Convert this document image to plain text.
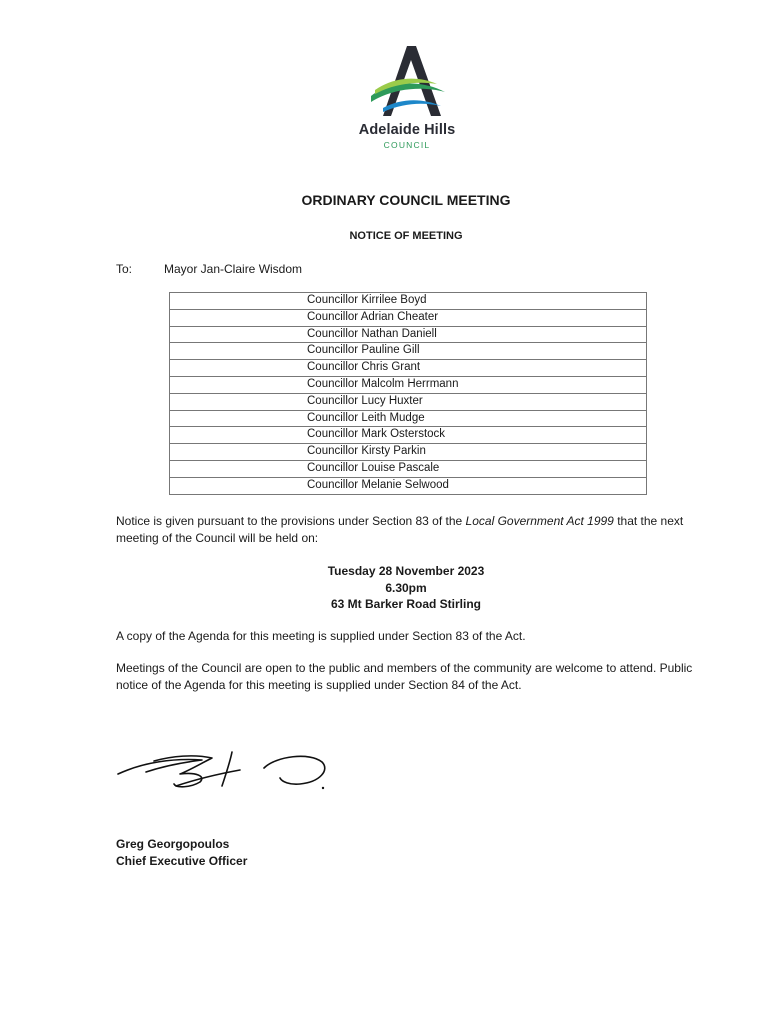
Adelaide Hills
COUNCIL
ORDINARY COUNCIL MEETING
NOTICE OF MEETING
To:	Mayor Jan-Claire Wisdom
Councillor Kirrilee Boyd
Councillor Adrian Cheater
Councillor Nathan Daniell
Councillor Pauline Gill
Councillor Chris Grant
Councillor Malcolm Herrmann
Councillor Lucy Huxter
Councillor Leith Mudge
Councillor Mark Osterstock
Councillor Kirsty Parkin
Councillor Louise Pascale
Councillor Melanie Selwood
Notice is given pursuant to the provisions under Section 83 of the Local Government Act 1999 that the next meeting of the Council will be held on:
Tuesday 28 November 2023
6.30pm
63 Mt Barker Road Stirling
A copy of the Agenda for this meeting is supplied under Section 83 of the Act.
Meetings of the Council are open to the public and members of the community are welcome to attend. Public notice of the Agenda for this meeting is supplied under Section 84 of the Act.
Greg Georgopoulos
Chief Executive Officer
